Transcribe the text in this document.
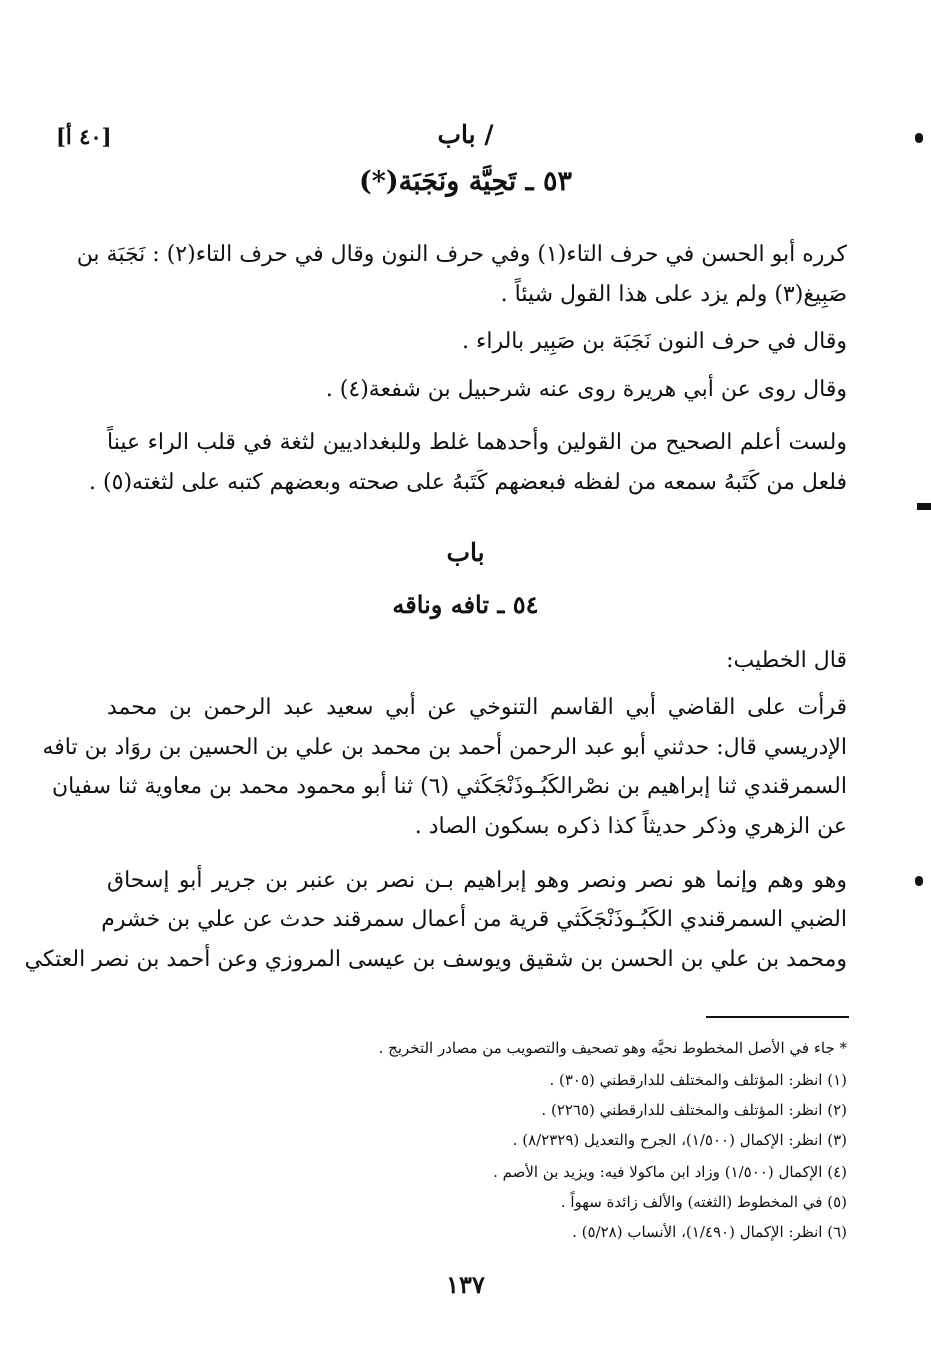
[٤٠ أ]	/ باب
٥٣ ـ تَحِيَّة ونَجَبَة(*)
كرره أبو الحسن في حرف التاء(١) وفي حرف النون وقال في حرف التاء(٢) : نَجَبَة بن
صَبِيغ(٣) ولم يزد على هذا القول شيئاً .
وقال في حرف النون نَجَبَة بن صَبِير بالراء .
وقال روى عن أبي هريرة روى عنه شرحبيل بن شفعة(٤) .
ولست أعلم الصحيح من القولين وأحدهما غلط وللبغداديين لثغة في قلب الراء عيناً
فلعل من كَتَبهُ سمعه من لفظه فبعضهم كَتَبهُ على صحته وبعضهم كتبه على لثغته(٥) .
باب
٥٤ ـ تافه وناقه
قال الخطيب:
قرأت على القاضي أبي القاسم التنوخي عن أبي سعيد عبد الرحمن بن محمد
الإدريسي قال: حدثني أبو عبد الرحمن أحمد بن محمد بن علي بن الحسين بن روَاد بن تافه
السمرقندي ثنا إبراهيم بن نصْرالكَبُـوذَنْجَكَثي (٦) ثنا أبو محمود محمد بن معاوية ثنا سفيان
عن الزهري وذكر حديثاً كذا ذكره بسكون الصاد .
وهو وهم وإنما هو نصر ونصر وهو إبراهيم بـن نصر بن عنبر بن جرير أبو إسحاق
الضبي السمرقندي الكَبُـوذَنْجَكَثي قرية من أعمال سمرقند حدث عن علي بن خشرم
ومحمد بن علي بن الحسن بن شقيق ويوسف بن عيسى المروزي وعن أحمد بن نصر العتكي
* جاء في الأصل المخطوط نحيَّه وهو تصحيف والتصويب من مصادر التخريج .
(١) انظر: المؤتلف والمختلف للدارقطني (٣٠٥) .
(٢) انظر: المؤتلف والمختلف للدارقطني (٢٢٦٥) .
(٣) انظر: الإكمال (١/٥٠٠)، الجرح والتعديل (٨/٢٣٢٩) .
(٤) الإكمال (١/٥٠٠) وزاد ابن ماكولا فيه: ويزيد بن الأصم .
(٥) في المخطوط (الثغته) والألف زائدة سهواً .
(٦) انظر: الإكمال (١/٤٩٠)، الأنساب (٥/٢٨) .
١٣٧
